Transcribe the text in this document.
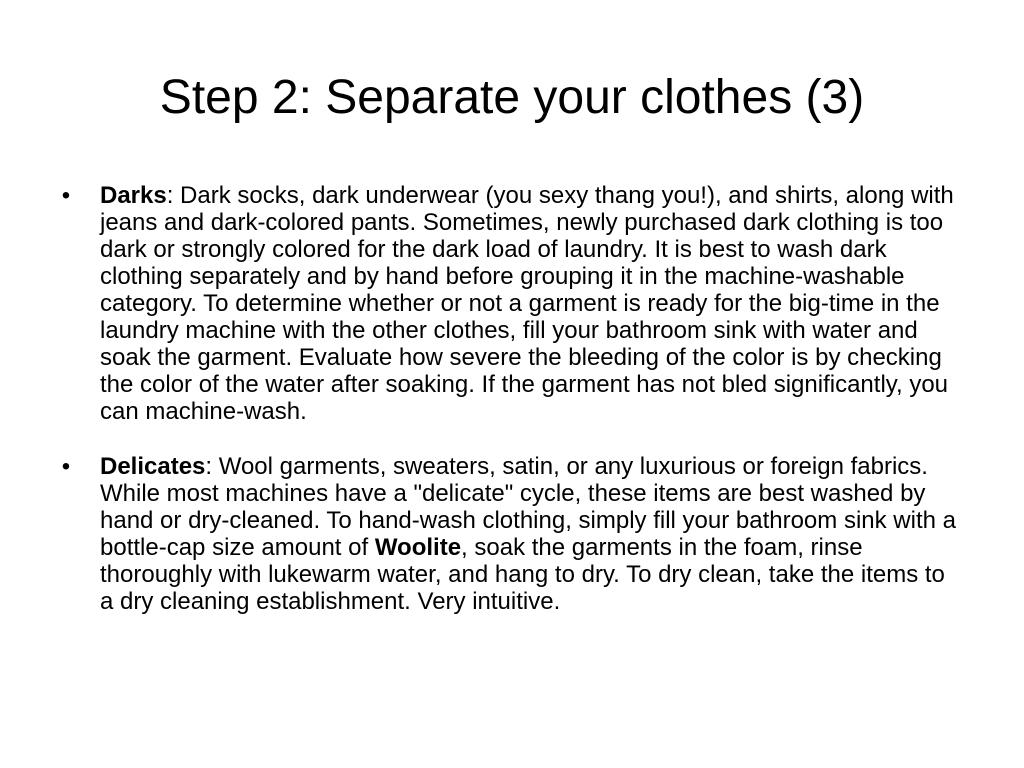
Step 2: Separate your clothes (3)
• Darks: Dark socks, dark underwear (you sexy thang you!), and shirts, along with jeans and dark-colored pants. Sometimes, newly purchased dark clothing is too dark or strongly colored for the dark load of laundry. It is best to wash dark clothing separately and by hand before grouping it in the machine-washable category. To determine whether or not a garment is ready for the big-time in the laundry machine with the other clothes, fill your bathroom sink with water and soak the garment. Evaluate how severe the bleeding of the color is by checking the color of the water after soaking. If the garment has not bled significantly, you can machine-wash.
• Delicates: Wool garments, sweaters, satin, or any luxurious or foreign fabrics. While most machines have a "delicate" cycle, these items are best washed by hand or dry-cleaned. To hand-wash clothing, simply fill your bathroom sink with a bottle-cap size amount of Woolite, soak the garments in the foam, rinse thoroughly with lukewarm water, and hang to dry. To dry clean, take the items to a dry cleaning establishment. Very intuitive.
